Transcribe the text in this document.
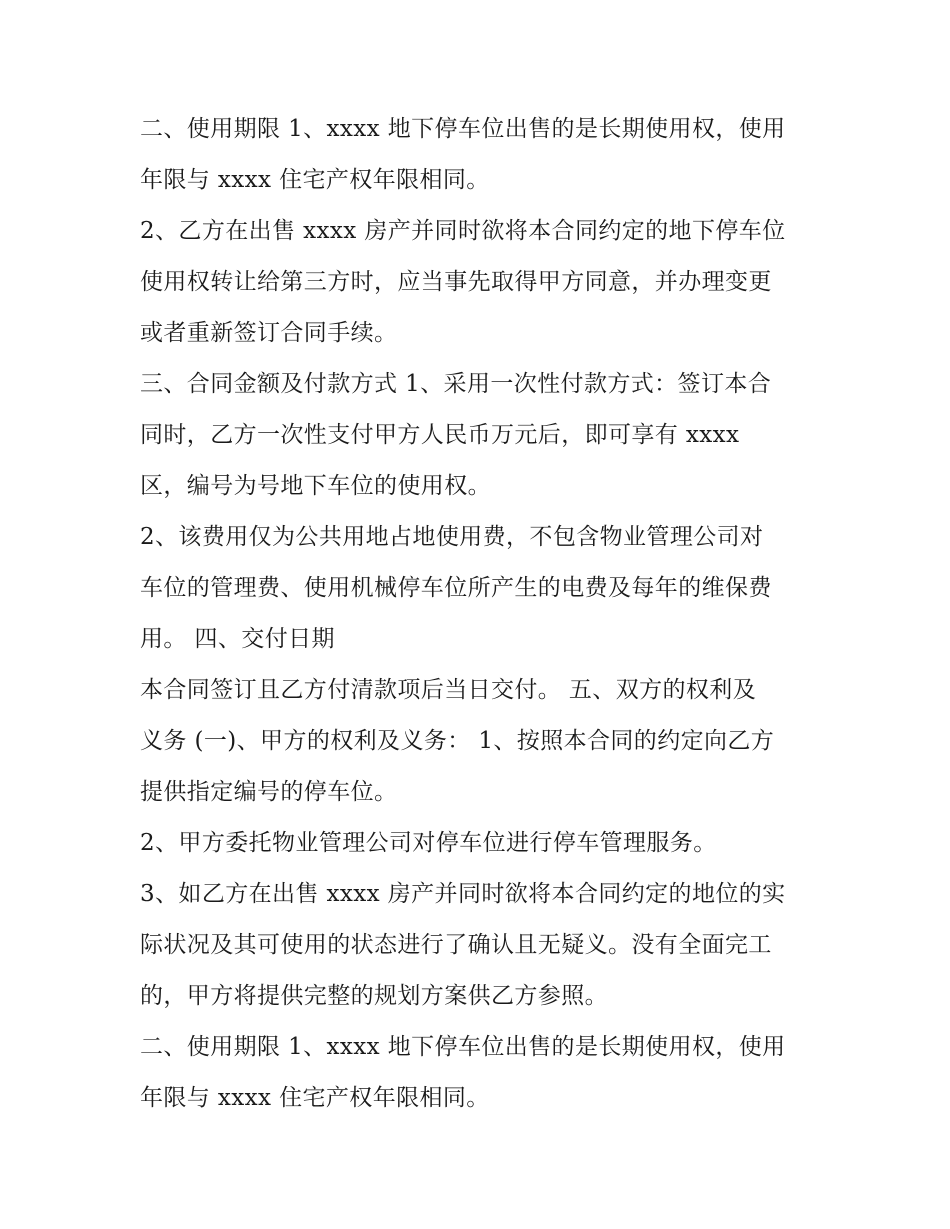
二、使用期限 1、xxxx 地下停车位出售的是长期使用权，使用
年限与 xxxx 住宅产权年限相同。
2、乙方在出售 xxxx 房产并同时欲将本合同约定的地下停车位
使用权转让给第三方时，应当事先取得甲方同意，并办理变更
或者重新签订合同手续。
三、合同金额及付款方式 1、采用一次性付款方式：签订本合
同时，乙方一次性支付甲方人民币万元后，即可享有 xxxx
区，编号为号地下车位的使用权。
2、该费用仅为公共用地占地使用费，不包含物业管理公司对
车位的管理费、使用机械停车位所产生的电费及每年的维保费
用。 四、交付日期
本合同签订且乙方付清款项后当日交付。 五、双方的权利及
义务 (一)、甲方的权利及义务： 1、按照本合同的约定向乙方
提供指定编号的停车位。
2、甲方委托物业管理公司对停车位进行停车管理服务。
3、如乙方在出售 xxxx 房产并同时欲将本合同约定的地位的实
际状况及其可使用的状态进行了确认且无疑义。没有全面完工
的，甲方将提供完整的规划方案供乙方参照。
二、使用期限 1、xxxx 地下停车位出售的是长期使用权，使用
年限与 xxxx 住宅产权年限相同。
